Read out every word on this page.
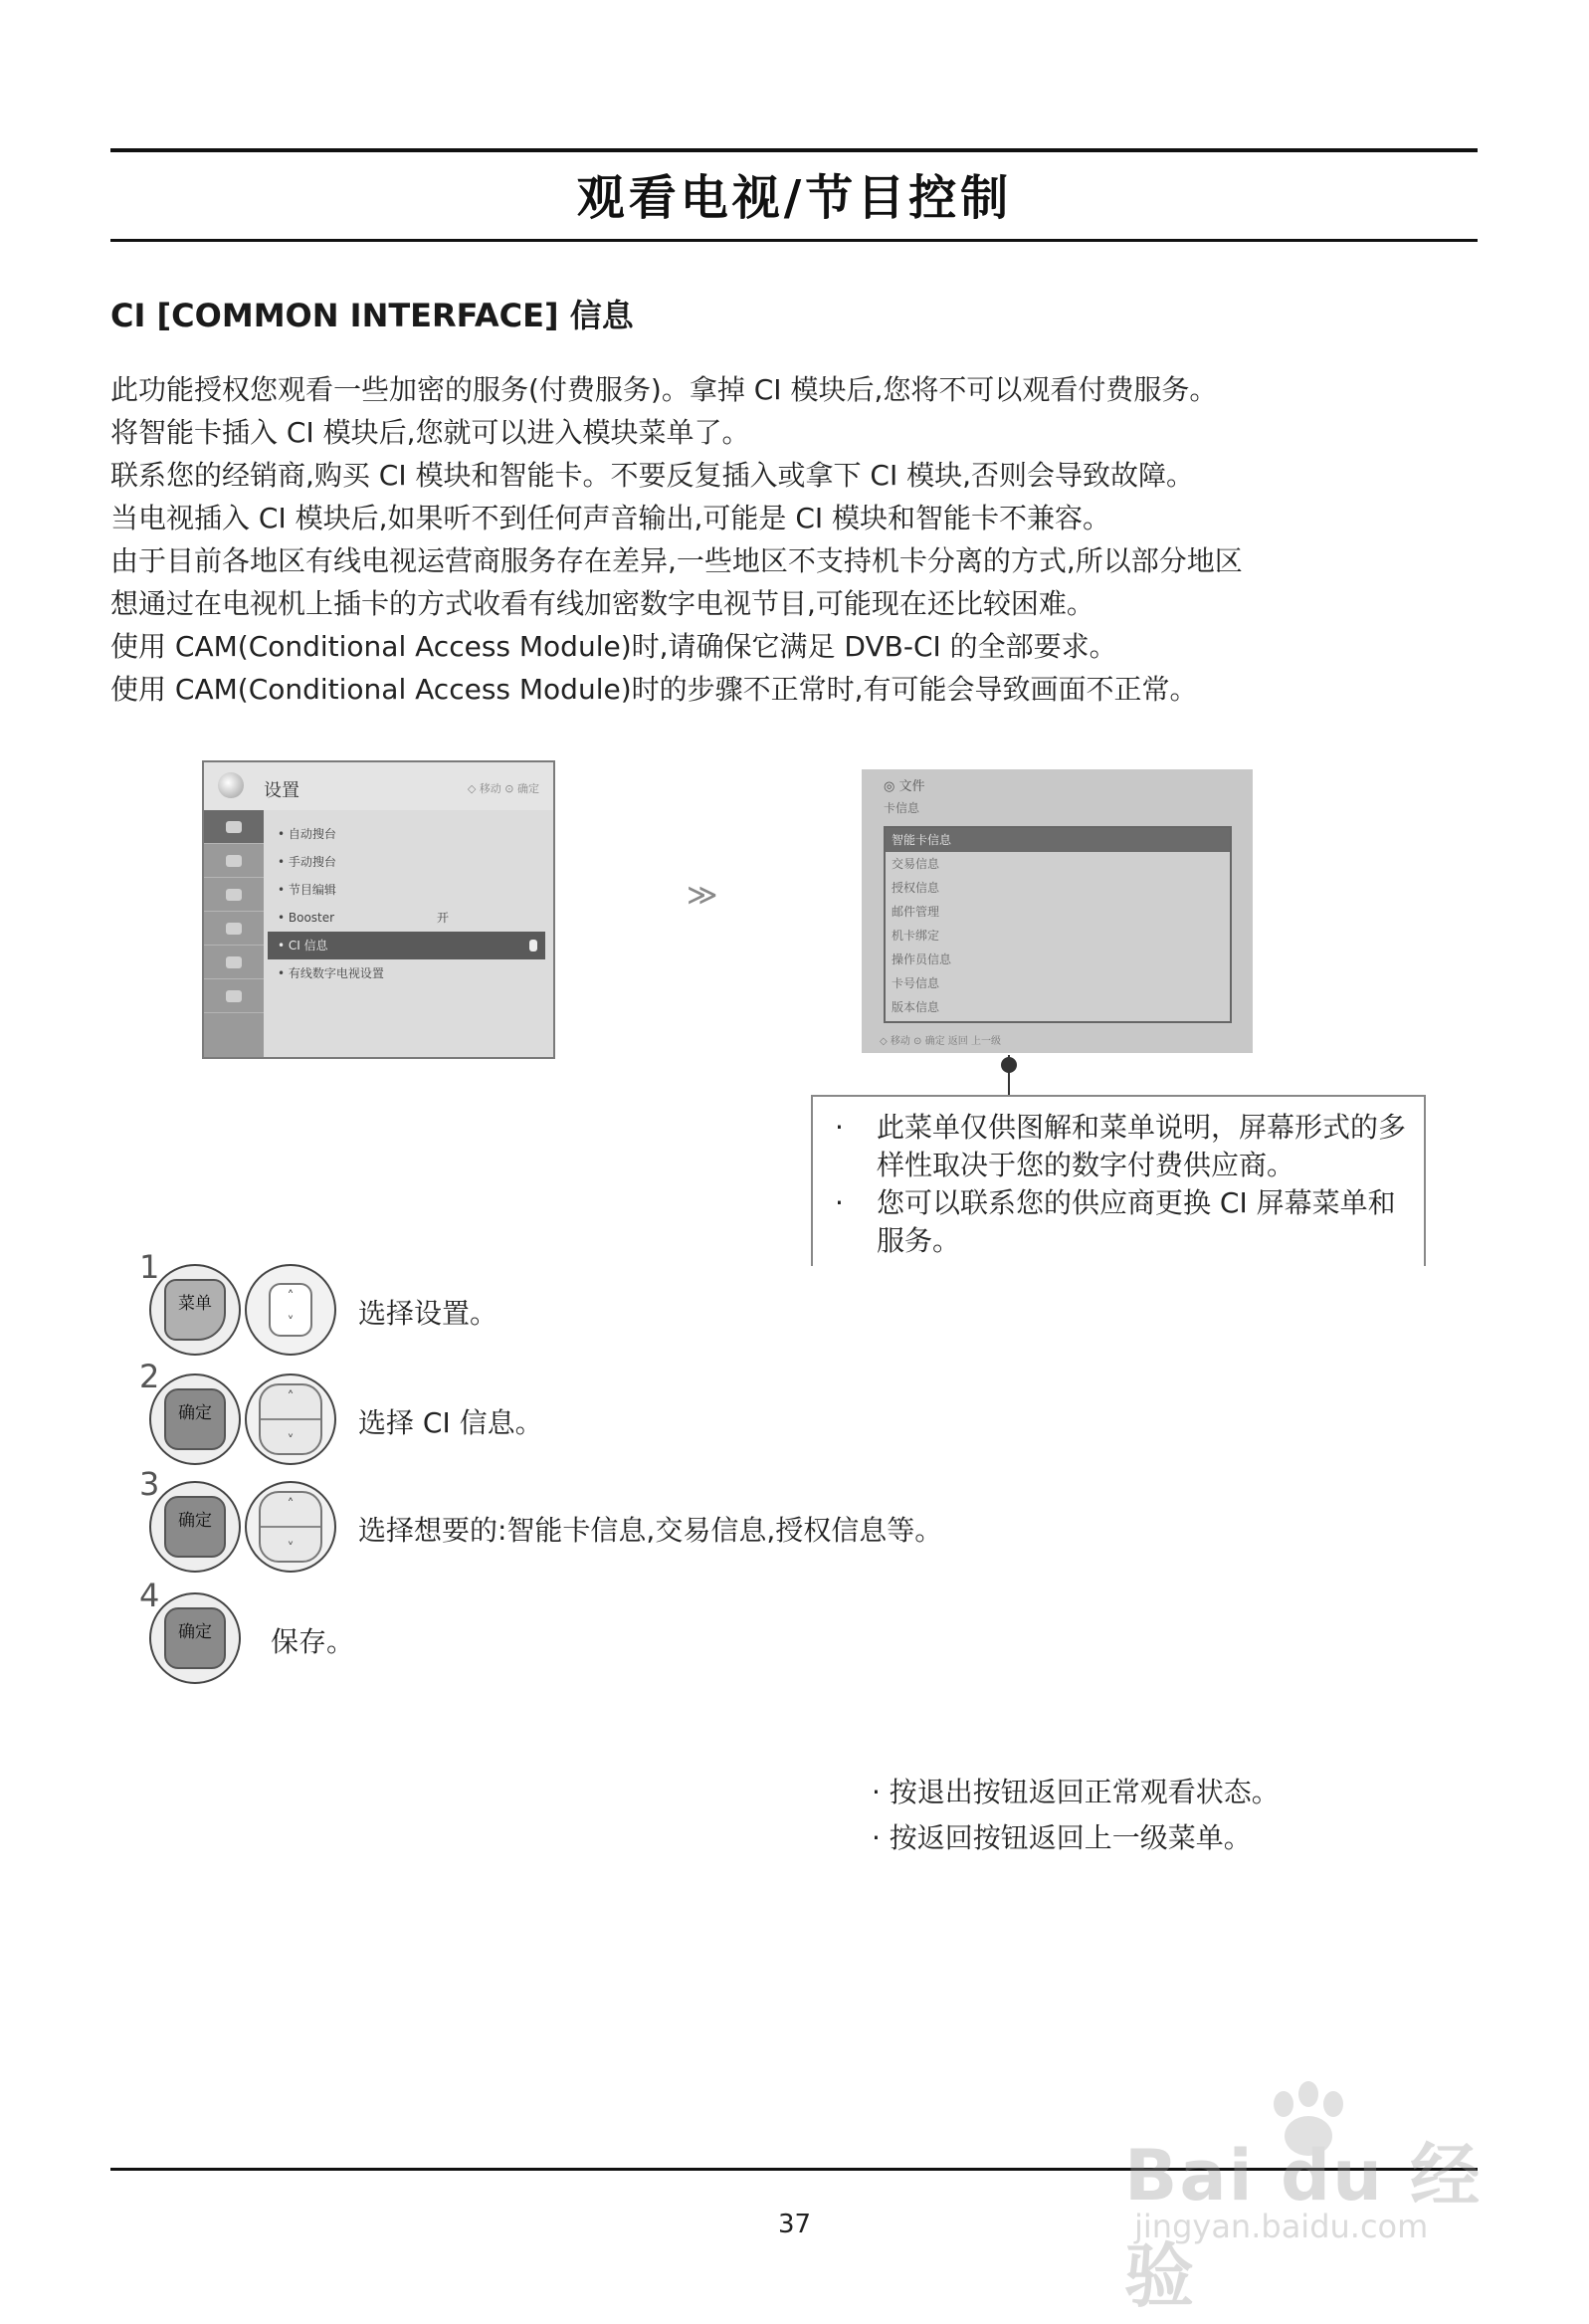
观看电视/节目控制
CI [COMMON INTERFACE] 信息

此功能授权您观看一些加密的服务(付费服务)。拿掉 CI 模块后,您将不可以观看付费服务。

将智能卡插入 CI 模块后,您就可以进入模块菜单了。

联系您的经销商,购买 CI 模块和智能卡。不要反复插入或拿下 CI 模块,否则会导致故障。

当电视插入 CI 模块后,如果听不到任何声音输出,可能是 CI 模块和智能卡不兼容。

由于目前各地区有线电视运营商服务存在差异,一些地区不支持机卡分离的方式,所以部分地区

想通过在电视机上插卡的方式收看有线加密数字电视节目,可能现在还比较困难。

使用 CAM(Conditional Access Module)时,请确保它满足 DVB-CI 的全部要求。

使用 CAM(Conditional Access Module)时的步骤不正常时,有可能会导致画面不正常。

设置	◇ 移动 ⊙ 确定
• 自动搜台
• 手动搜台
• 节目编辑
• Booster	开
• CI 信息
• 有线数字电视设置
≫
◎ 文件
卡信息
智能卡信息
交易信息
授权信息
邮件管理
机卡绑定
操作员信息
卡号信息
版本信息
◇ 移动 ⊙ 确定 返回 上一级
· 此菜单仅供图解和菜单说明，屏幕形式的多样性取决于您的数字付费供应商。
· 您可以联系您的供应商更换 CI 屏幕菜单和服务。
1
菜单	˄
˅ 选择设置。
2
确定
˄
˅
选择 CI 信息。
3
确定
˄
˅
选择想要的:智能卡信息,交易信息,授权信息等。
4
确定	保存。

· 按退出按钮返回正常观看状态。

· 按返回按钮返回上一级菜单。

37
Bai du 经验
jingyan.baidu.com
